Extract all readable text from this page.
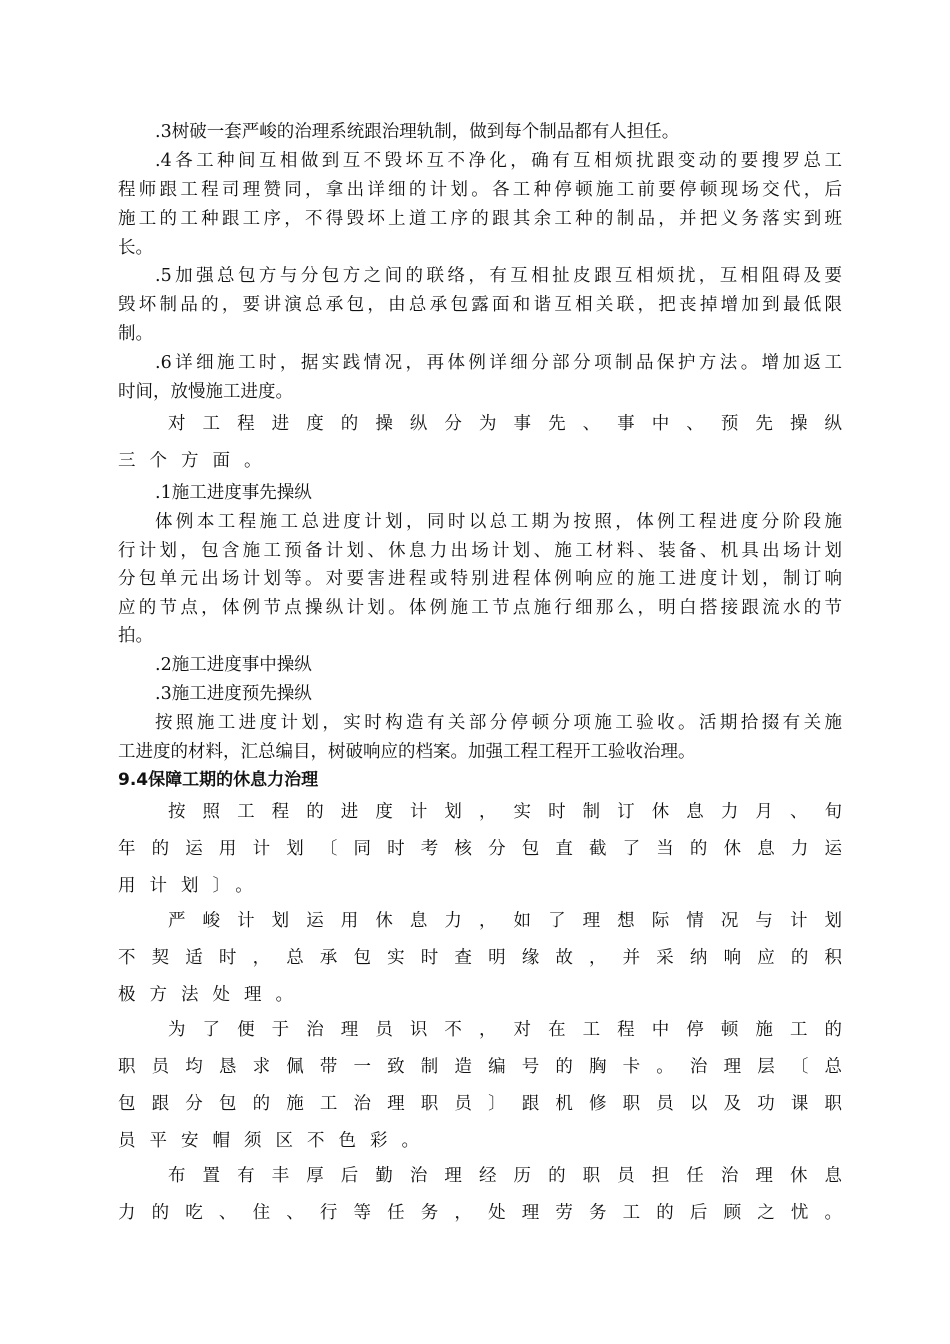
.3树破一套严峻的治理系统跟治理轨制，做到每个制品都有人担任。
.4各工种间互相做到互不毁坏互不净化，确有互相烦扰跟变动的要搜罗总工
程师跟工程司理赞同，拿出详细的计划。各工种停顿施工前要停顿现场交代，后
施工的工种跟工序，不得毁坏上道工序的跟其余工种的制品，并把义务落实到班
长。
.5加强总包方与分包方之间的联络，有互相扯皮跟互相烦扰，互相阻碍及要
毁坏制品的，要讲演总承包，由总承包露面和谐互相关联，把丧掉增加到最低限
制。
.6详细施工时，据实践情况，再体例详细分部分项制品保护方法。增加返工
时间，放慢施工进度。
对工程进度的操纵分为事先、事中、预先操纵
三个方面。
.1施工进度事先操纵
体例本工程施工总进度计划，同时以总工期为按照，体例工程进度分阶段施
行计划，包含施工预备计划、休息力出场计划、施工材料、装备、机具出场计划
分包单元出场计划等。对要害进程或特别进程体例响应的施工进度计划，制订响
应的节点，体例节点操纵计划。体例施工节点施行细那么，明白搭接跟流水的节
拍。
.2施工进度事中操纵
.3施工进度预先操纵
按照施工进度计划，实时构造有关部分停顿分项施工验收。活期拾掇有关施
工进度的材料，汇总编目，树破响应的档案。加强工程工程开工验收治理。
9.4保障工期的休息力治理
按照工程的进度计划，实时制订休息力月、旬
年的运用计划〔同时考核分包直截了当的休息力运
用计划〕。
严峻计划运用休息力，如了理想际情况与计划
不契适时，总承包实时查明缘故，并采纳响应的积
极方法处理。
为了便于治理员识不，对在工程中停顿施工的
职员均恳求佩带一致制造编号的胸卡。治理层〔总
包跟分包的施工治理职员〕跟机修职员以及功课职
员平安帽须区不色彩。
布置有丰厚后勤治理经历的职员担任治理休息
力的吃、住、行等任务，处理劳务工的后顾之忧。
